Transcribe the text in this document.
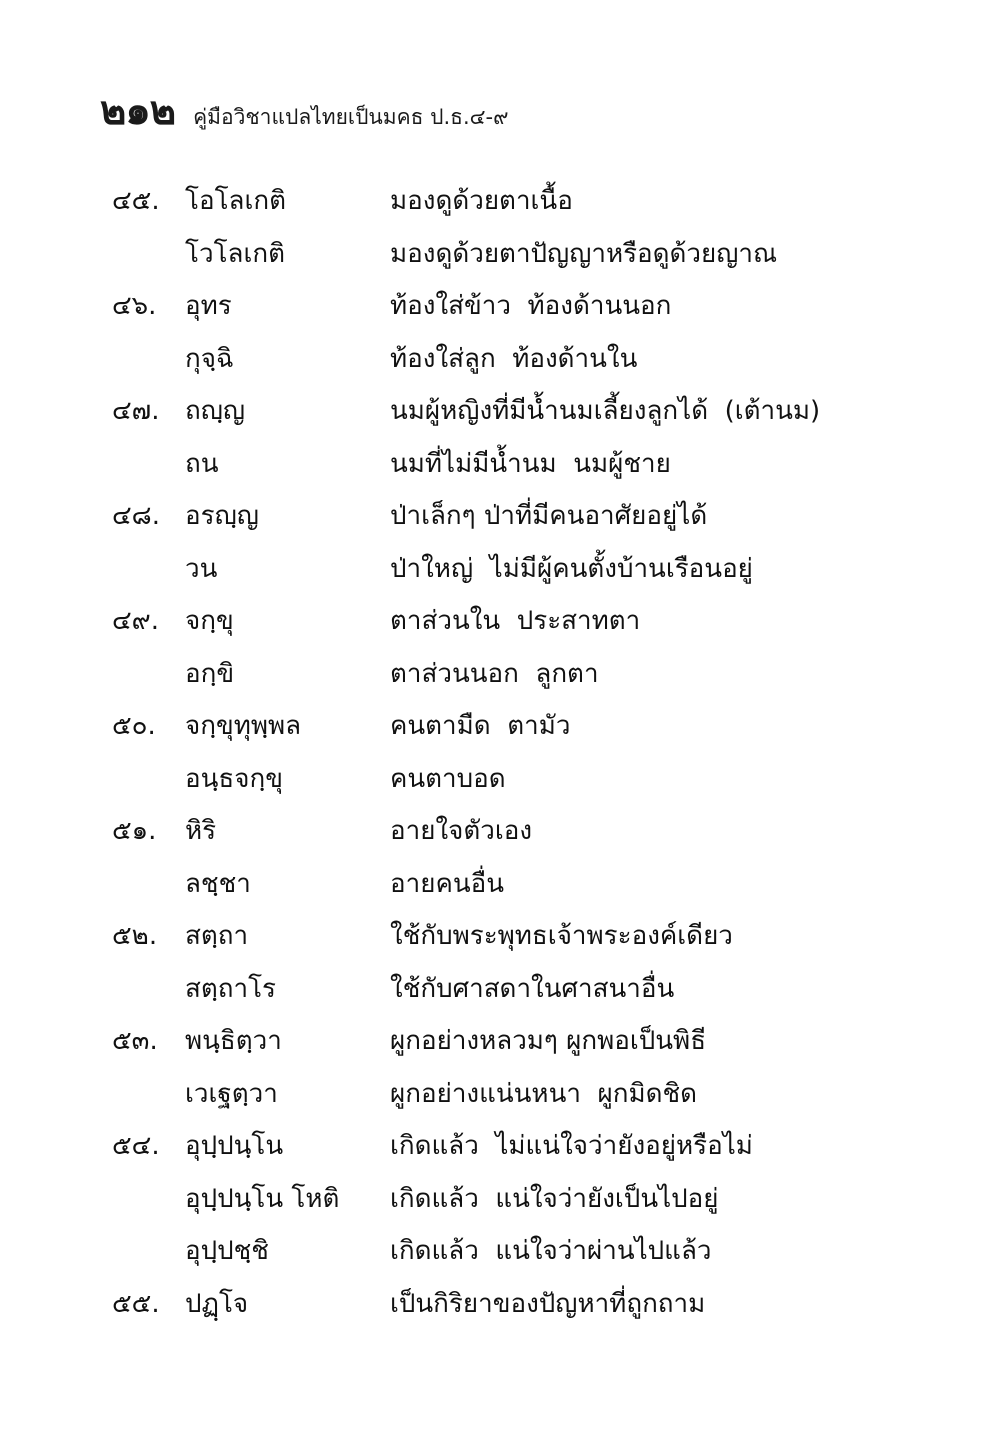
๒๑๒ คู่มือวิชาแปลไทยเป็นมคธ ป.ธ.๔-๙
๔๕. โอโลเกติ	มองดูด้วยตาเนื้อ
โวโลเกติ	มองดูด้วยตาปัญญาหรือดูด้วยญาณ
๔๖.	อุทร	ท้องใส่ข้าว  ท้องด้านนอก
กุจฺฉิ	ท้องใส่ลูก  ท้องด้านใน
๔๗. ถญฺญ	นมผู้หญิงที่มีน้ำนมเลี้ยงลูกได้  (เต้านม)
ถน	นมที่ไม่มีน้ำนม  นมผู้ชาย
๔๘. อรญฺญ	ป่าเล็กๆ ป่าที่มีคนอาศัยอยู่ได้
วน	ป่าใหญ่  ไม่มีผู้คนตั้งบ้านเรือนอยู่
๔๙.	จกฺขุ	ตาส่วนใน  ประสาทตา
อกฺขิ	ตาส่วนนอก  ลูกตา
๕๐.	จกฺขุทุพฺพล	คนตามืด  ตามัว
อนฺธจกฺขุ	คนตาบอด
๕๑.	หิริ	อายใจตัวเอง
ลชฺชา	อายคนอื่น
๕๒.	สตฺถา	ใช้กับพระพุทธเจ้าพระองค์เดียว
สตฺถาโร	ใช้กับศาสดาในศาสนาอื่น
๕๓.	พนฺธิตฺวา	ผูกอย่างหลวมๆ ผูกพอเป็นพิธี
เวเฐตฺวา	ผูกอย่างแน่นหนา  ผูกมิดชิด
๕๔. อุปฺปนฺโน	เกิดแล้ว  ไม่แน่ใจว่ายังอยู่หรือไม่
อุปฺปนฺโน โหติ	เกิดแล้ว  แน่ใจว่ายังเป็นไปอยู่
อุปฺปชฺชิ	เกิดแล้ว  แน่ใจว่าผ่านไปแล้ว
๕๕. ปฏฺโจ	เป็นกิริยาของปัญหาที่ถูกถาม
